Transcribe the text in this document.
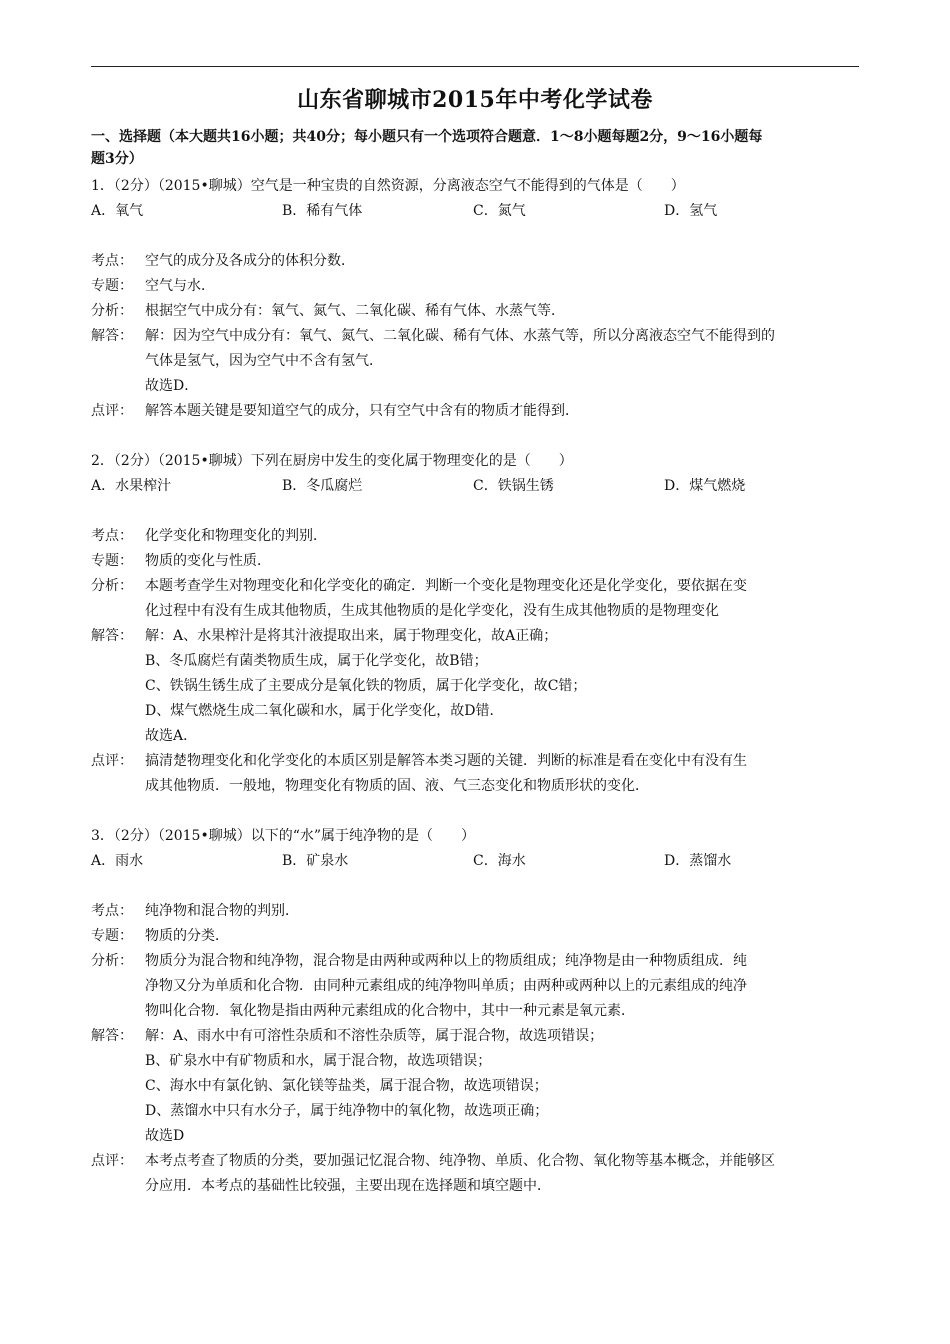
山东省聊城市2015年中考化学试卷
一、选择题（本大题共16小题；共40分；每小题只有一个选项符合题意．1～8小题每题2分，9～16小题每
题3分）
1．（2分）（2015•聊城）空气是一种宝贵的自然资源，分离液态空气不能得到的气体是（　　）
A．氧气	B．稀有气体	C．氮气	D．氢气
考点： 空气的成分及各成分的体积分数．
专题： 空气与水．
分析： 根据空气中成分有：氧气、氮气、二氧化碳、稀有气体、水蒸气等．
解答： 解：因为空气中成分有：氧气、氮气、二氧化碳、稀有气体、水蒸气等，所以分离液态空气不能得到的
气体是氢气，因为空气中不含有氢气．
故选D．
点评： 解答本题关键是要知道空气的成分，只有空气中含有的物质才能得到．
2．（2分）（2015•聊城）下列在厨房中发生的变化属于物理变化的是（　　）
A．水果榨汁	B．冬瓜腐烂	C．铁锅生锈	D．煤气燃烧
考点： 化学变化和物理变化的判别．
专题： 物质的变化与性质．
分析： 本题考查学生对物理变化和化学变化的确定．判断一个变化是物理变化还是化学变化，要依据在变
化过程中有没有生成其他物质，生成其他物质的是化学变化，没有生成其他物质的是物理变化
解答： 解：A、水果榨汁是将其汁液提取出来，属于物理变化，故A正确；
B、冬瓜腐烂有菌类物质生成，属于化学变化，故B错；
C、铁锅生锈生成了主要成分是氧化铁的物质，属于化学变化，故C错；
D、煤气燃烧生成二氧化碳和水，属于化学变化，故D错．
故选A．
点评： 搞清楚物理变化和化学变化的本质区别是解答本类习题的关键．判断的标准是看在变化中有没有生
成其他物质．一般地，物理变化有物质的固、液、气三态变化和物质形状的变化．
3．（2分）（2015•聊城）以下的“水”属于纯净物的是（　　）
A．雨水	B．矿泉水	C．海水	D．蒸馏水
考点： 纯净物和混合物的判别．
专题： 物质的分类．
分析： 物质分为混合物和纯净物，混合物是由两种或两种以上的物质组成；纯净物是由一种物质组成．纯
净物又分为单质和化合物．由同种元素组成的纯净物叫单质；由两种或两种以上的元素组成的纯净
物叫化合物．氧化物是指由两种元素组成的化合物中，其中一种元素是氧元素．
解答： 解：A、雨水中有可溶性杂质和不溶性杂质等，属于混合物，故选项错误；
B、矿泉水中有矿物质和水，属于混合物，故选项错误；
C、海水中有氯化钠、氯化镁等盐类，属于混合物，故选项错误；
D、蒸馏水中只有水分子，属于纯净物中的氧化物，故选项正确；
故选D
点评： 本考点考查了物质的分类，要加强记忆混合物、纯净物、单质、化合物、氧化物等基本概念，并能够区
分应用．本考点的基础性比较强，主要出现在选择题和填空题中．
